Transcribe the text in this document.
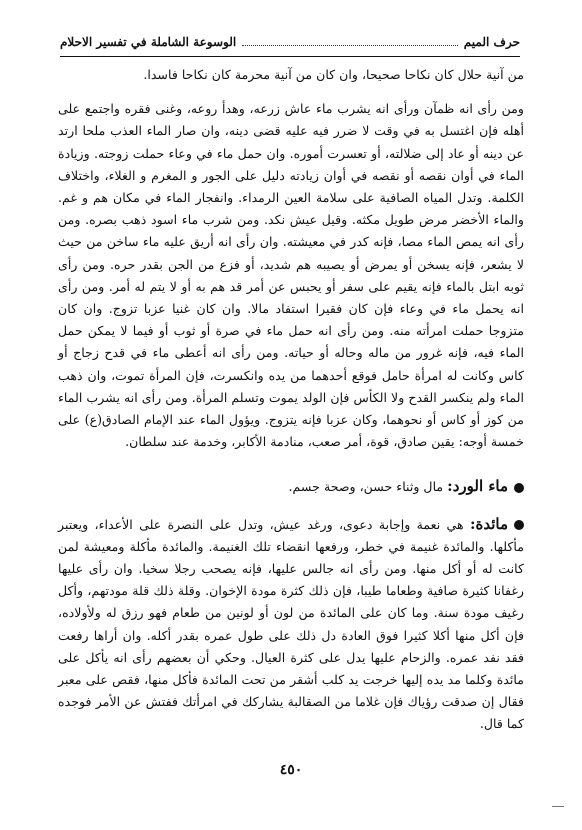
حرف الميم
الوسوعة الشاملة في تفسير الاحلام

من آنية حلال كان نكاحا صحيحا، وان كان من آنية محرمة كان نكاحا فاسدا.

ومن رأى انه ظمآن ورأى انه يشرب ماء عاش زرعه، وهدأ روعه، وغنى فقره واجتمع على أهله فإن اغتسل به في وقت لا ضرر فيه عليه قضى دينه، وان صار الماء العذب ملحا ارتد عن دينه أو عاد إلى ضلالته، أو تعسرت أموره. وان حمل ماء في وعاء حملت زوجته. وزيادة الماء في أوان نقصه أو نقصه في أوان زيادته دليل على الجور و المغرم و الغلاء، واختلاف الكلمة. وتدل المياه الصافية على سلامة العين الرمداء. وانفجار الماء في مكان هم و غم. والماء الأخضر مرض طويل مكثه. وقيل عيش نكد. ومن شرب ماء اسود ذهب بصره. ومن رأى انه يمص الماء مصا، فإنه كدر في معيشته. وان رأى انه أريق عليه ماء ساخن من حيث لا يشعر، فإنه يسخن أو يمرض أو يصيبه هم شديد، أو فزع من الجن بقدر حره. ومن رأى ثوبه ابتل بالماء فإنه يقيم على سفر أو يحبس عن أمر قد هم به أو لا يتم له أمر. ومن رأى انه يحمل ماء في وعاء فإن كان فقيرا استفاد مالا. وان كان غنيا عزبا تزوج. وان كان متزوجا حملت امرأته منه. ومن رأى انه حمل ماء في صرة أو ثوب أو فيما لا يمكن حمل الماء فيه، فإنه غرور من ماله وحاله أو حياته. ومن رأى انه أعطى ماء في قدح زجاج أو كاس وكانت له امرأة حامل فوقع أحدهما من يده وانكسرت، فإن المرأة تموت، وان ذهب الماء ولم ينكسر القدح ولا الكأس فإن الولد يموت وتسلم المرأة. ومن رأى انه يشرب الماء من كوز أو كاس أو نحوهما، وكان عزبا فإنه يتزوج. ويؤول الماء عند الإمام الصادق(ع) على خمسة أوجه: يقين صادق، قوة، أمر صعب، منادمة الأكابر، وخدمة عند سلطان.

ماء الورد: مال وثناء حسن، وصحة جسم.

مائدة: هي نعمة وإجابة دعوى، ورغد عيش، وتدل على النصرة على الأعداء، ويعتبر مأكلها. والمائدة غنيمة في خطر، ورفعها انقضاء تلك الغنيمة. والمائدة مأكلة ومعيشة لمن كانت له أو أكل منها. ومن رأى انه جالس عليها، فإنه يصحب رجلا سخيا. وان رأى عليها رغفانا كثيرة صافية وطعاما طيبا، فإن ذلك كثرة مودة الإخوان. وقلة ذلك قلة مودتهم، وأكل رغيف مودة سنة. وما كان على المائدة من لون أو لونين من طعام فهو رزق له ولأولاده، فإن أكل منها أكلا كثيرا فوق العادة دل ذلك على طول عمره بقدر أكله. وان أراها رفعت فقد نفد عمره. والزحام عليها يدل على كثرة العيال. وحكي أن بعضهم رأى انه يأكل على مائدة وكلما مد يده إليها خرجت يد كلب أشقر من تحت المائدة فأكل منها، فقص على معبر فقال إن صدقت رؤياك فإن غلاما من الصقالبة يشاركك في امرأتك ففتش عن الأمر فوجده كما قال.

٤٥٠
